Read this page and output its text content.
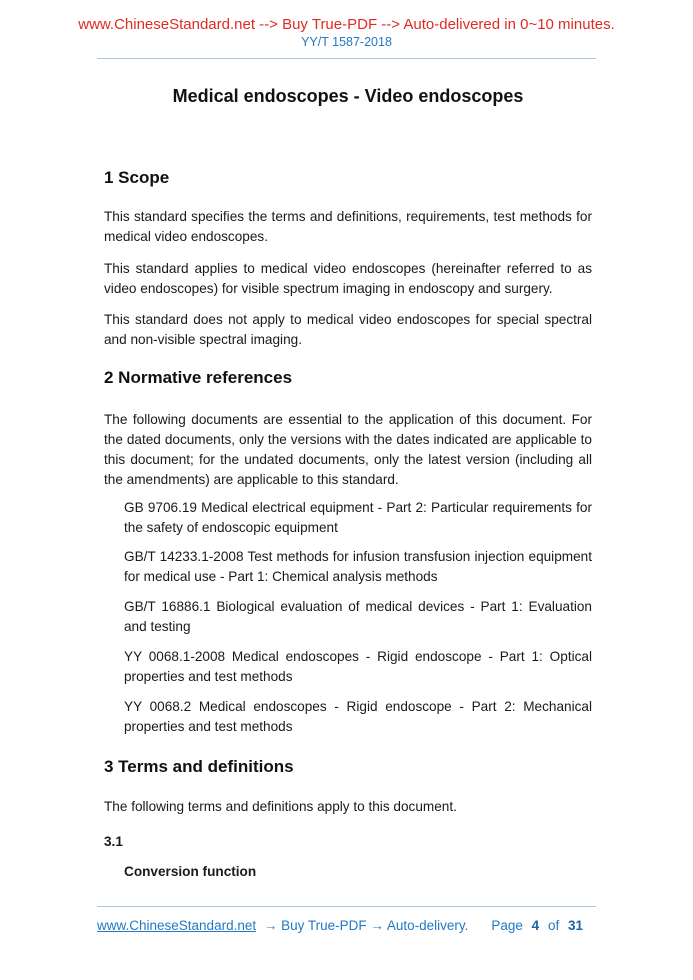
www.ChineseStandard.net --> Buy True-PDF --> Auto-delivered in 0~10 minutes.
YY/T 1587-2018
Medical endoscopes - Video endoscopes
1 Scope

This standard specifies the terms and definitions, requirements, test methods for medical video endoscopes.

This standard applies to medical video endoscopes (hereinafter referred to as video endoscopes) for visible spectrum imaging in endoscopy and surgery.

This standard does not apply to medical video endoscopes for special spectral and non-visible spectral imaging.

2 Normative references

The following documents are essential to the application of this document. For the dated documents, only the versions with the dates indicated are applicable to this document; for the undated documents, only the latest version (including all the amendments) are applicable to this standard.

GB 9706.19 Medical electrical equipment - Part 2: Particular requirements for the safety of endoscopic equipment

GB/T 14233.1-2008 Test methods for infusion transfusion injection equipment for medical use - Part 1: Chemical analysis methods

GB/T 16886.1 Biological evaluation of medical devices - Part 1: Evaluation and testing

YY 0068.1-2008 Medical endoscopes - Rigid endoscope - Part 1: Optical properties and test methods

YY 0068.2 Medical endoscopes - Rigid endoscope - Part 2: Mechanical properties and test methods

3 Terms and definitions

The following terms and definitions apply to this document.

3.1
Conversion function
www.ChineseStandard.net → Buy True-PDF → Auto-delivery. Page 4 of 31
